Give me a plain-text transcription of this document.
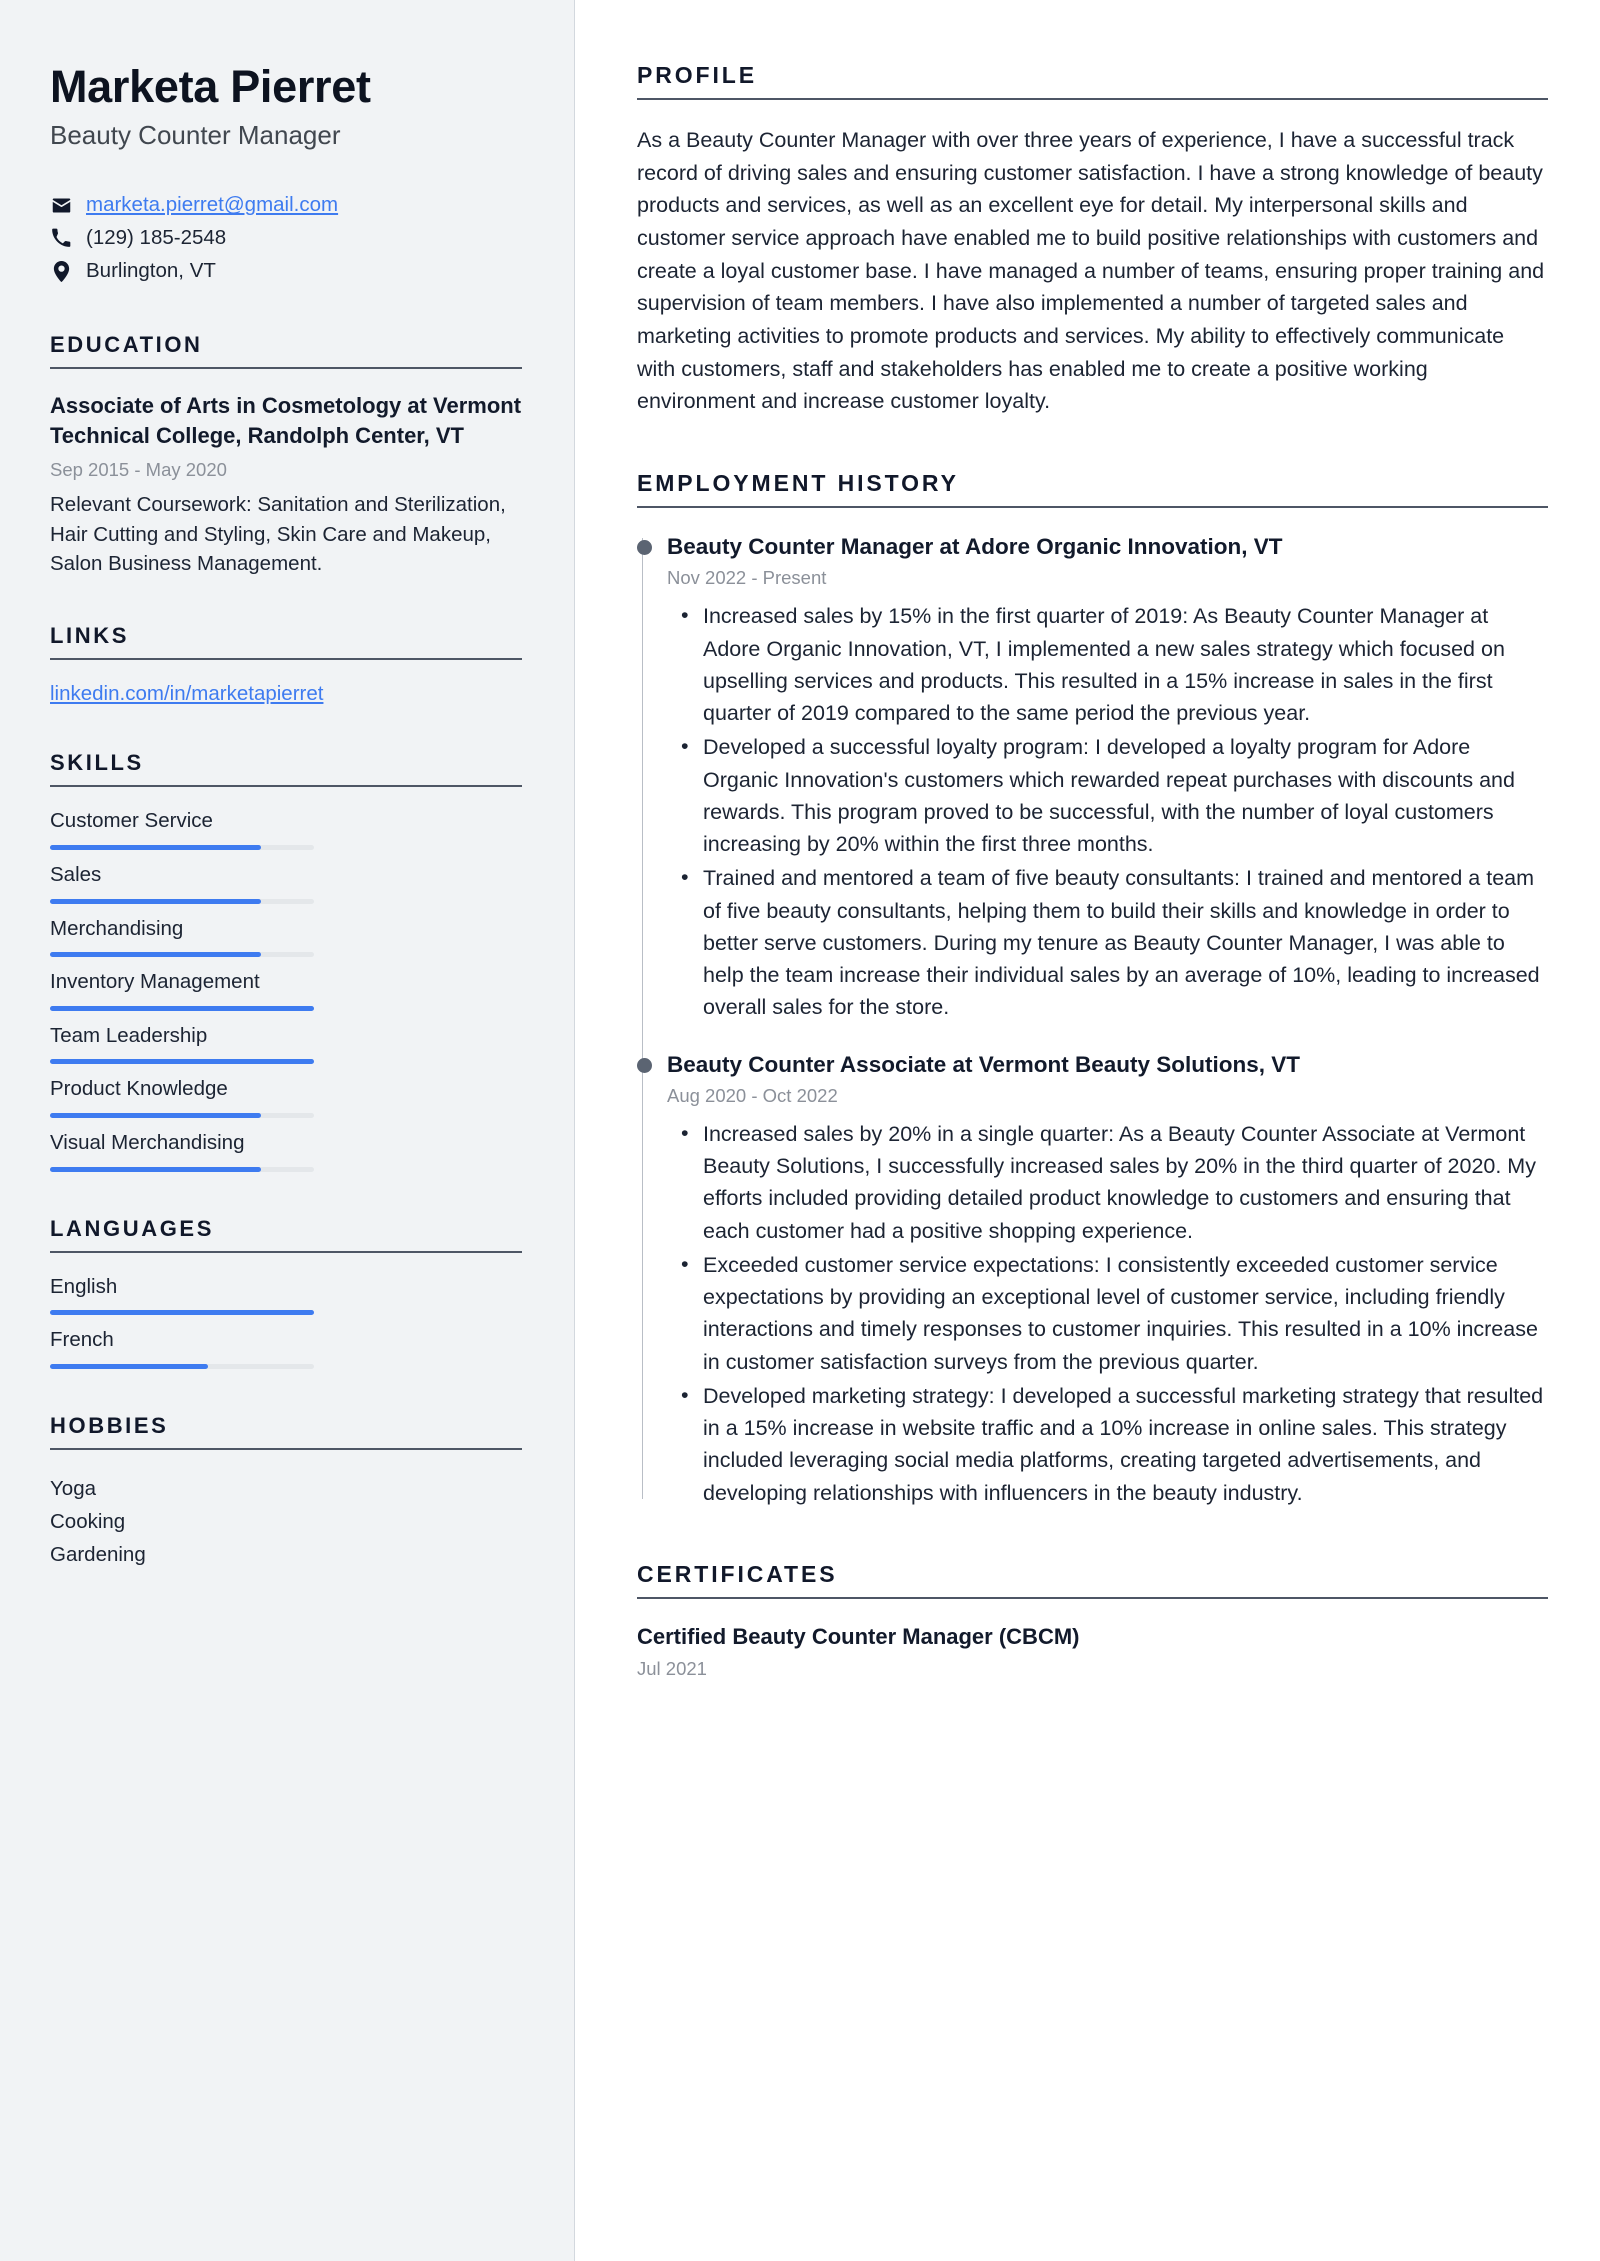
Marketa Pierret
Beauty Counter Manager
marketa.pierret@gmail.com
(129) 185-2548
Burlington, VT
EDUCATION
Associate of Arts in Cosmetology at Vermont Technical College, Randolph Center, VT
Sep 2015 - May 2020
Relevant Coursework: Sanitation and Sterilization, Hair Cutting and Styling, Skin Care and Makeup, Salon Business Management.
LINKS
linkedin.com/in/marketapierret
SKILLS
Customer Service
Sales
Merchandising
Inventory Management
Team Leadership
Product Knowledge
Visual Merchandising
LANGUAGES
English
French
HOBBIES
Yoga
Cooking
Gardening
PROFILE

As a Beauty Counter Manager with over three years of experience, I have a successful track record of driving sales and ensuring customer satisfaction. I have a strong knowledge of beauty products and services, as well as an excellent eye for detail. My interpersonal skills and customer service approach have enabled me to build positive relationships with customers and create a loyal customer base. I have managed a number of teams, ensuring proper training and supervision of team members. I have also implemented a number of targeted sales and marketing activities to promote products and services. My ability to effectively communicate with customers, staff and stakeholders has enabled me to create a positive working environment and increase customer loyalty.

EMPLOYMENT HISTORY
Beauty Counter Manager at Adore Organic Innovation, VT
Nov 2022 - Present
• Increased sales by 15% in the first quarter of 2019: As Beauty Counter Manager at Adore Organic Innovation, VT, I implemented a new sales strategy which focused on upselling services and products. This resulted in a 15% increase in sales in the first quarter of 2019 compared to the same period the previous year.
• Developed a successful loyalty program: I developed a loyalty program for Adore Organic Innovation's customers which rewarded repeat purchases with discounts and rewards. This program proved to be successful, with the number of loyal customers increasing by 20% within the first three months.
• Trained and mentored a team of five beauty consultants: I trained and mentored a team of five beauty consultants, helping them to build their skills and knowledge in order to better serve customers. During my tenure as Beauty Counter Manager, I was able to help the team increase their individual sales by an average of 10%, leading to increased overall sales for the store.
Beauty Counter Associate at Vermont Beauty Solutions, VT
Aug 2020 - Oct 2022
• Increased sales by 20% in a single quarter: As a Beauty Counter Associate at Vermont Beauty Solutions, I successfully increased sales by 20% in the third quarter of 2020. My efforts included providing detailed product knowledge to customers and ensuring that each customer had a positive shopping experience.
• Exceeded customer service expectations: I consistently exceeded customer service expectations by providing an exceptional level of customer service, including friendly interactions and timely responses to customer inquiries. This resulted in a 10% increase in customer satisfaction surveys from the previous quarter.
• Developed marketing strategy: I developed a successful marketing strategy that resulted in a 15% increase in website traffic and a 10% increase in online sales. This strategy included leveraging social media platforms, creating targeted advertisements, and developing relationships with influencers in the beauty industry.
CERTIFICATES
Certified Beauty Counter Manager (CBCM)
Jul 2021
